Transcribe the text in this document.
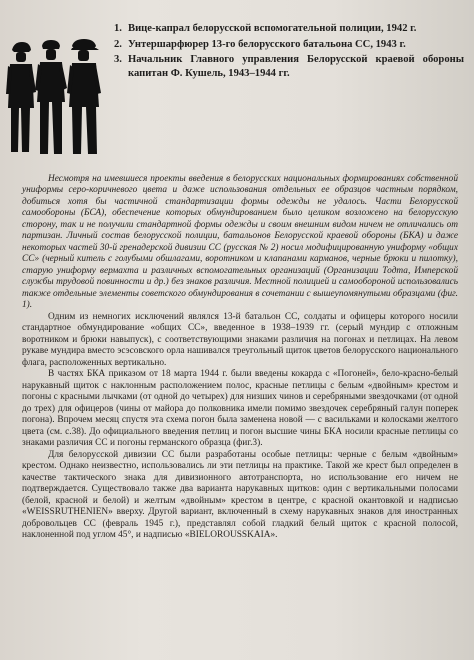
1. Вице-капрал белорусской вспомогательной полиции, 1942 г.
2. Унтершарфюрер 13-го белорусского батальона СС, 1943 г.
3. Начальник Главного управления Белорусской краевой обороны капитан Ф. Кушель, 1943–1944 гг.

Несмотря на имевшиеся проекты введения в белорусских национальных формированиях собственной униформы серо-коричневого цвета и даже использования отдельных ее образцов частным порядком, добиться хотя бы частичной стандартизации формы одежды не удалось. Части Белорусской самообороны (БСА), обеспечение которых обмундированием было целиком возложено на белорусскую сторону, так и не получили стандартной формы одежды и своим внешним видом ничем не отличались от партизан. Личный состав белорусской полиции, батальонов Белорусской краевой обороны (БКА) и даже некоторых частей 30-й гренадерской дивизии СС (русская № 2) носил модифицированную униформу «общих СС» (черный китель с голубыми обшлагами, воротником и клапанами карманов, черные брюки и пилотку), старую униформу вермахта и различных вспомогательных организаций (Организации Тодта, Имперской службы трудовой повинности и др.) без знаков различия. Местной полицией и самообороной использовались также отдельные элементы советского обмундирования в сочетании с вышеупомянутыми образцами (фиг. 1).

Одним из немногих исключений являлся 13-й батальон СС, солдаты и офицеры которого носили стандартное обмундирование «общих СС», введенное в 1938–1939 гг. (серый мундир с отложным воротником и брюки навыпуск), с соответствующими знаками различия на погонах и петлицах. На левом рукаве мундира вместо эсэсовского орла нашивался треугольный щиток цветов белорусского национального флага, расположенных вертикально.

В частях БКА приказом от 18 марта 1944 г. были введены кокарда с «Погоней», бело-красно-белый нарукавный щиток с наклонным расположением полос, красные петлицы с белым «двойным» крестом и погоны с красными лычками (от одной до четырех) для низших чинов и серебряными звездочками (от одной до трех) для офицеров (чины от майора до полковника имели помимо звездочек серебряный галун поперек погона). Впрочем месяц спустя эта схема погон была заменена новой — с васильками и колосками желтого цвета (см. с.38). До официального введения петлиц и погон высшие чины БКА носили красные петлицы со знаками различия СС и погоны германского образца (фиг.3).

Для белорусской дивизии СС были разработаны особые петлицы: черные с белым «двойным» крестом. Однако неизвестно, использовались ли эти петлицы на практике. Такой же крест был определен в качестве тактического знака для дивизионного автотранспорта, но использование его ничем не подтверждается. Существовало также два варианта нарукавных щитков: один с вертикальными полосами (белой, красной и белой) и желтым «двойным» крестом в центре, с красной окантовкой и надписью «WEISSRUTHENIEN» вверху. Другой вариант, включенный в схему нарукавных знаков для иностранных добровольцев СС (февраль 1945 г.), представлял собой гладкий белый щиток с красной полосой, наклоненной под углом 45°, и надписью «BIELOROUSSKAIA».
